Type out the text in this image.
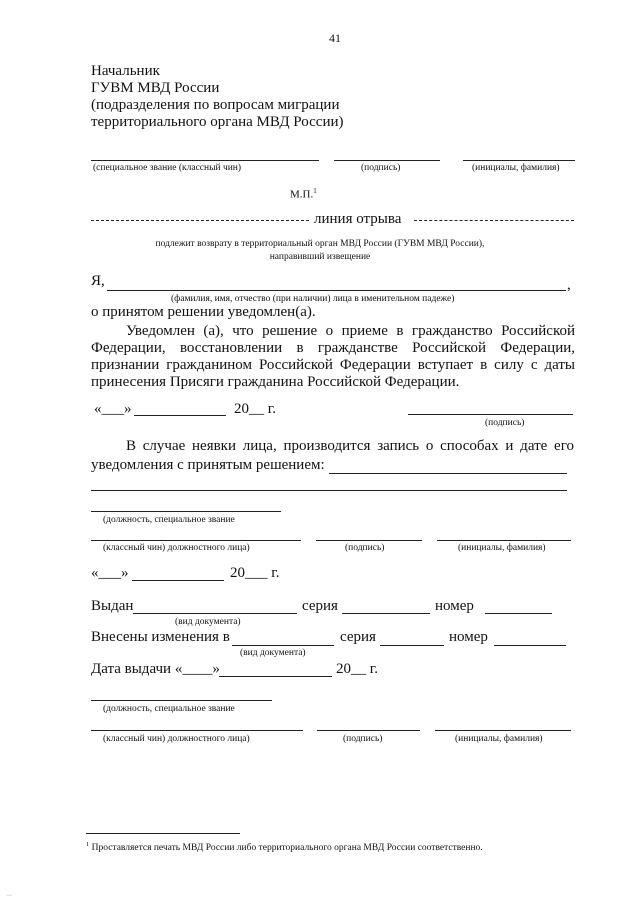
41
Начальник
ГУВМ МВД России
(подразделения по вопросам миграции
территориального органа МВД России)
(специальное звание (классный чин)	(подпись)	(инициалы, фамилия)
М.П.$^1$
линия отрыва
подлежит возврату в территориальный орган МВД России (ГУВМ МВД России),
направивший извещение
Я,	,
(фамилия, имя, отчество (при наличии) лица в именительном падеже)
о принятом решении уведомлен(а).
Уведомлен (а), что решение о приеме в гражданство Российской Федерации, восстановлении в гражданстве Российской Федерации, признании гражданином Российской Федерации вступает в силу с даты принесения Присяги гражданина Российской Федерации.
«___»	20__ г.
(подпись)
В случае неявки лица, производится запись о способах и дате его
уведомления с принятым решением:
(должность, специальное звание
(классный чин) должностного лица)	(подпись)	(инициалы, фамилия)
«___»	20___ г.
Выдан	серия	номер
(вид документа)
Внесены изменения в	серия	номер
(вид документа)
Дата выдачи «____»	20__ г.
(должность, специальное звание
(классный чин) должностного лица)	(подпись)	(инициалы, фамилия)
$^1$ Проставляется печать МВД России либо территориального органа МВД России соответственно.
···
